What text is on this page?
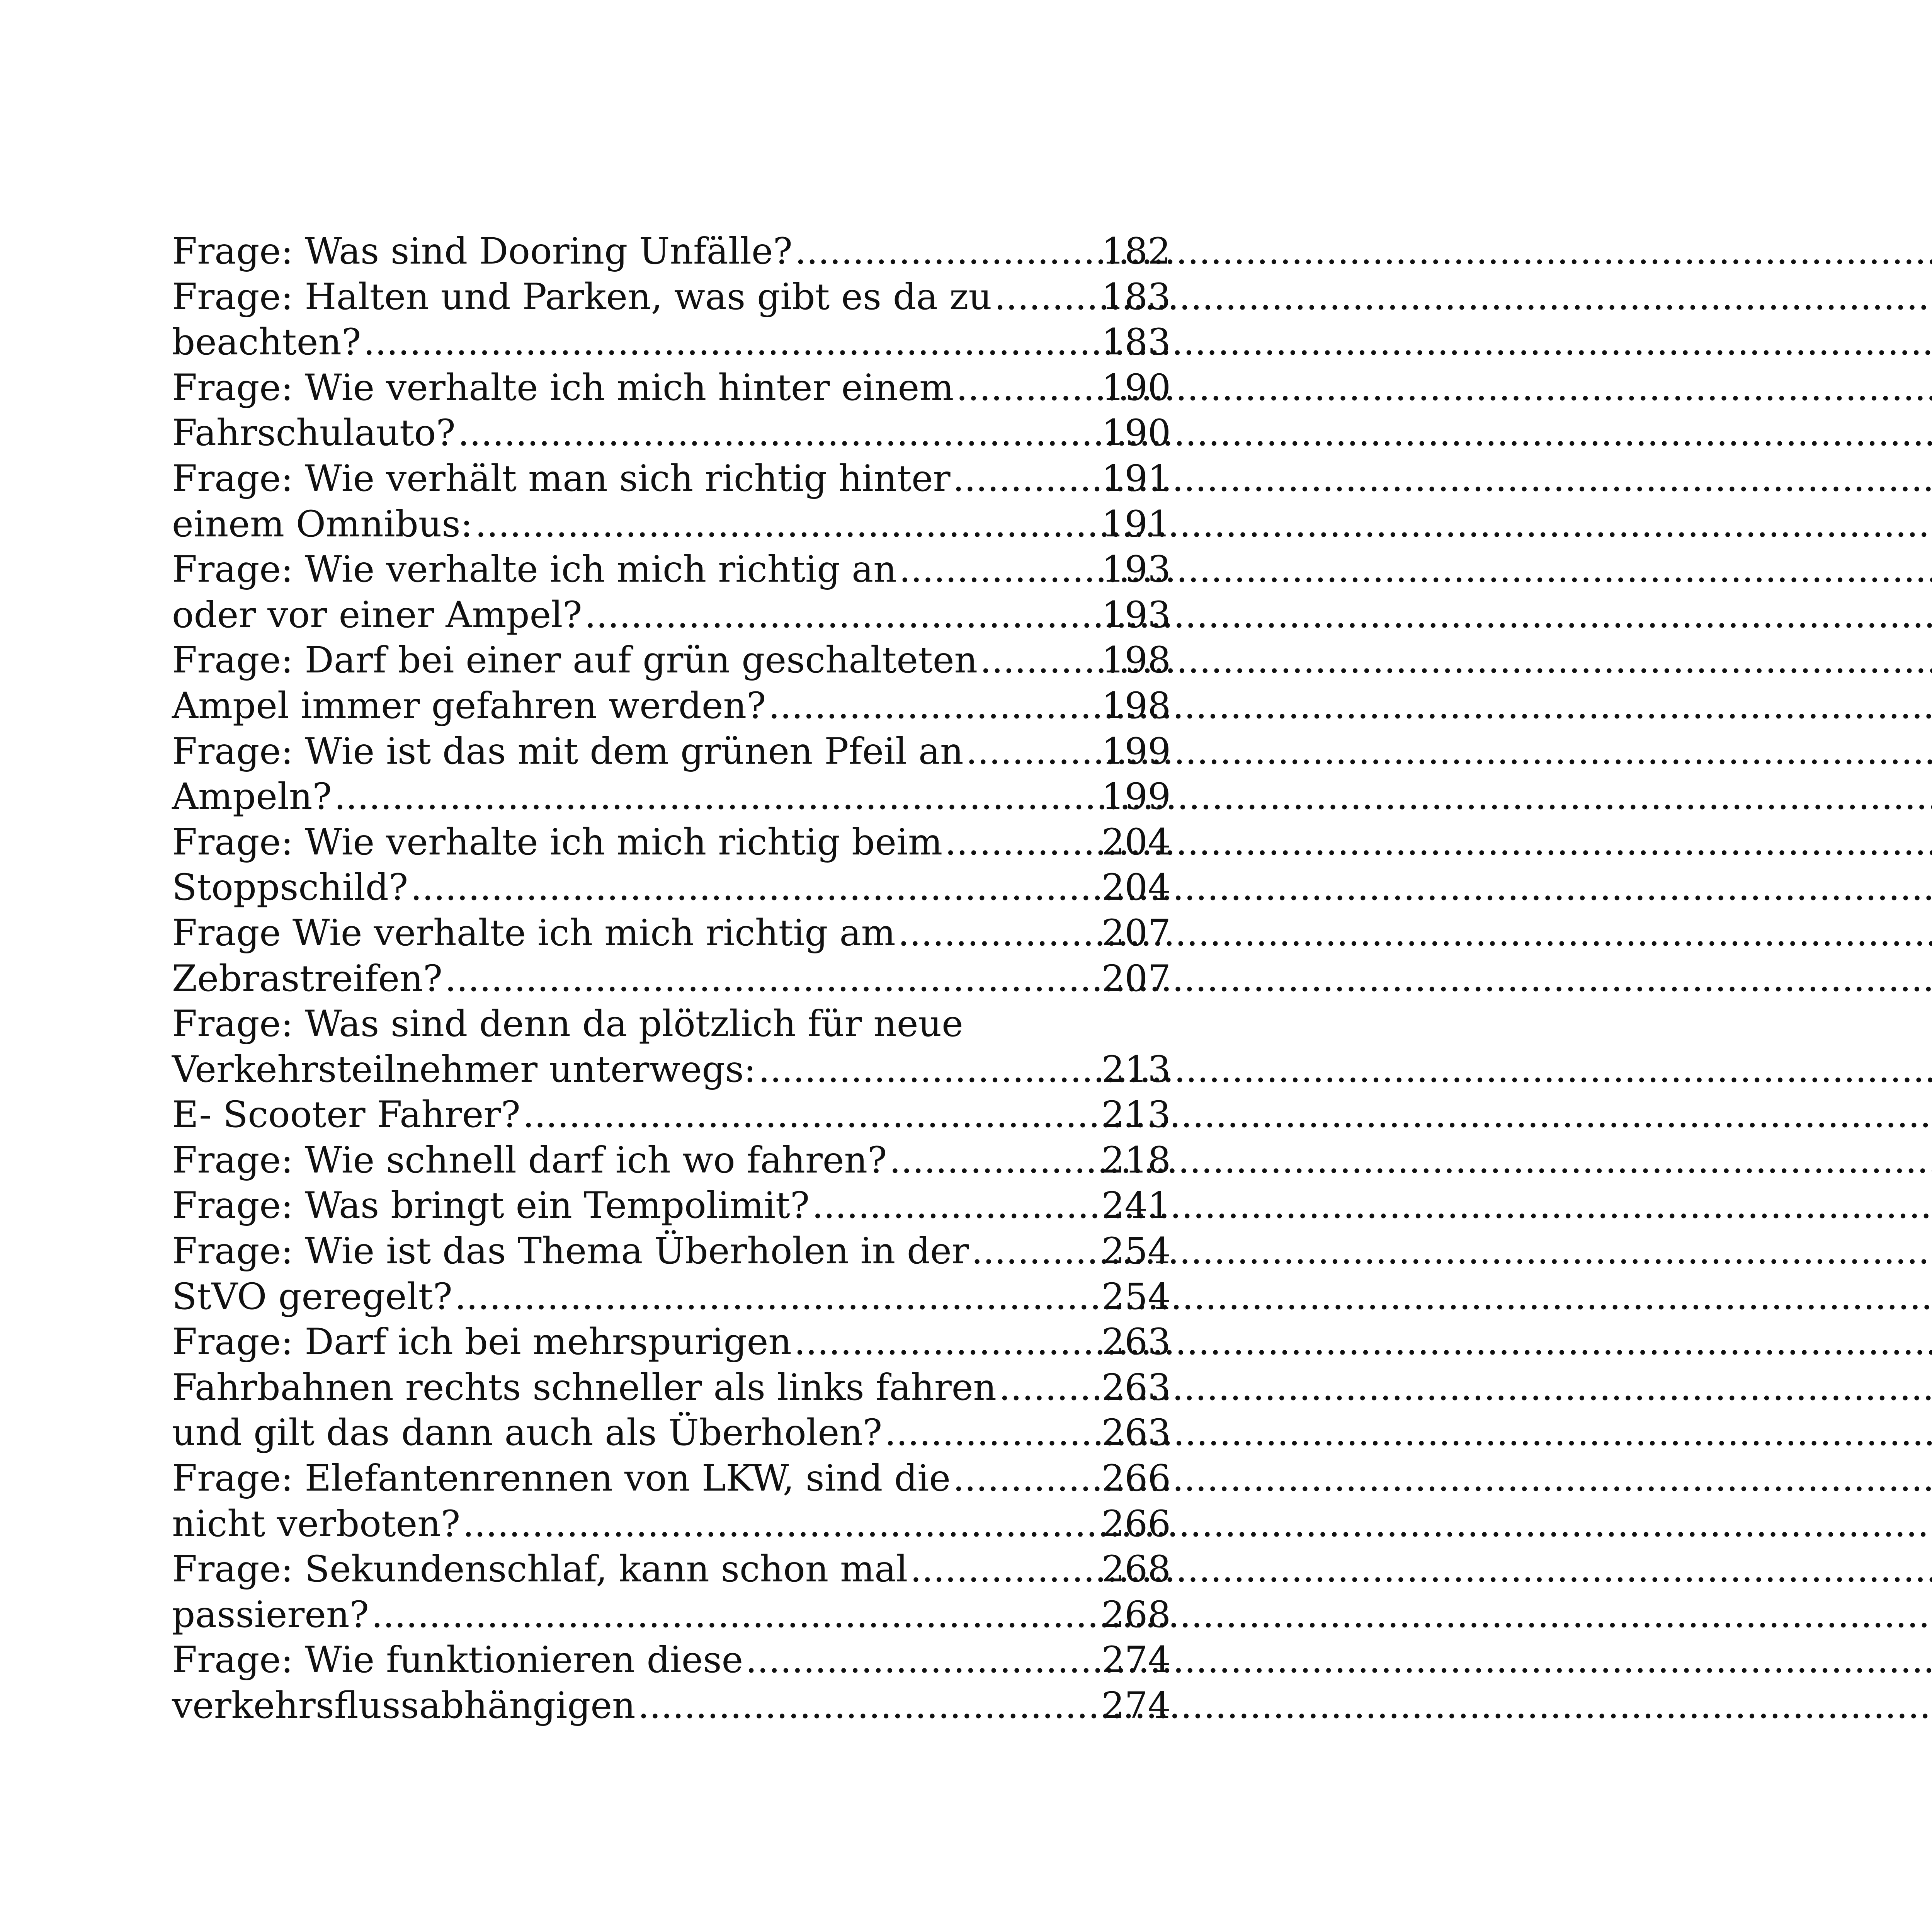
Frage: Was sind Dooring Unfälle? .....	182
Frage: Halten und Parken, was gibt es da zu .....	183
beachten? .....	183
Frage: Wie verhalte ich mich hinter einem .....	190
Fahrschulauto? .....	190
Frage: Wie verhält man sich richtig hinter .....	191
einem Omnibus: .....	191
Frage: Wie verhalte ich mich richtig an .....	193
oder vor einer Ampel? .....	193
Frage: Darf bei einer auf grün geschalteten .....	198
Ampel immer gefahren werden? .....	198
Frage: Wie ist das mit dem grünen Pfeil an .....	199
Ampeln? .....	199
Frage: Wie verhalte ich mich richtig beim .....	204
Stoppschild? .....	204
Frage Wie verhalte ich mich richtig am .....	207
Zebrastreifen? .....	207
Frage: Was sind denn da plötzlich für neue
Verkehrsteilnehmer unterwegs: .....	213
E- Scooter Fahrer? .....	213
Frage: Wie schnell darf ich wo fahren? .....	218
Frage: Was bringt ein Tempolimit? .....	241
Frage: Wie ist das Thema Überholen in der .....	254
StVO geregelt? .....	254
Frage: Darf ich bei mehrspurigen .....	263
Fahrbahnen rechts schneller als links fahren .....	263
und gilt das dann auch als Überholen? .....	263
Frage: Elefantenrennen von LKW, sind die .....	266
nicht verboten? .....	266
Frage: Sekundenschlaf, kann schon mal .....	268
passieren? .....	268
Frage: Wie funktionieren diese .....	274
verkehrsflussabhängigen .....	274
